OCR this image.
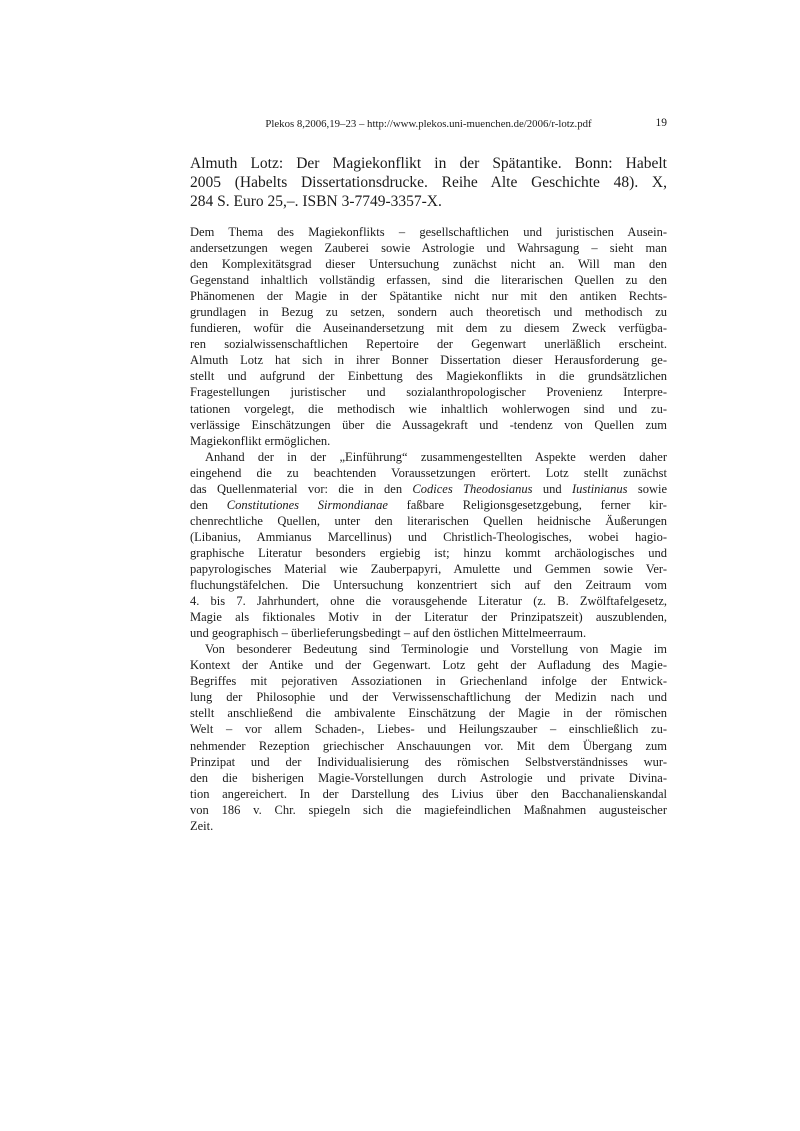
Plekos 8,2006,19–23 – http://www.plekos.uni-muenchen.de/2006/r-lotz.pdf	19
Almuth Lotz: Der Magiekonflikt in der Spätantike. Bonn: Habelt
2005 (Habelts Dissertationsdrucke. Reihe Alte Geschichte 48). X,
284 S. Euro 25,–. ISBN 3-7749-3357-X.
Dem Thema des Magiekonflikts – gesellschaftlichen und juristischen Ausein-
andersetzungen wegen Zauberei sowie Astrologie und Wahrsagung – sieht man
den Komplexitätsgrad dieser Untersuchung zunächst nicht an. Will man den
Gegenstand inhaltlich vollständig erfassen, sind die literarischen Quellen zu den
Phänomenen der Magie in der Spätantike nicht nur mit den antiken Rechts-
grundlagen in Bezug zu setzen, sondern auch theoretisch und methodisch zu
fundieren, wofür die Auseinandersetzung mit dem zu diesem Zweck verfügba-
ren sozialwissenschaftlichen Repertoire der Gegenwart unerläßlich erscheint.
Almuth Lotz hat sich in ihrer Bonner Dissertation dieser Herausforderung ge-
stellt und aufgrund der Einbettung des Magiekonflikts in die grundsätzlichen
Fragestellungen juristischer und sozialanthropologischer Provenienz Interpre-
tationen vorgelegt, die methodisch wie inhaltlich wohlerwogen sind und zu-
verlässige Einschätzungen über die Aussagekraft und -tendenz von Quellen zum
Magiekonflikt ermöglichen.
Anhand der in der „Einführung“ zusammengestellten Aspekte werden daher
eingehend die zu beachtenden Voraussetzungen erörtert. Lotz stellt zunächst
das Quellenmaterial vor: die in den Codices Theodosianus und Iustinianus sowie
den Constitutiones Sirmondianae faßbare Religionsgesetzgebung, ferner kir-
chenrechtliche Quellen, unter den literarischen Quellen heidnische Äußerungen
(Libanius, Ammianus Marcellinus) und Christlich-Theologisches, wobei hagio-
graphische Literatur besonders ergiebig ist; hinzu kommt archäologisches und
papyrologisches Material wie Zauberpapyri, Amulette und Gemmen sowie Ver-
fluchungstäfelchen. Die Untersuchung konzentriert sich auf den Zeitraum vom
4. bis 7. Jahrhundert, ohne die vorausgehende Literatur (z. B. Zwölftafelgesetz,
Magie als fiktionales Motiv in der Literatur der Prinzipatszeit) auszublenden,
und geographisch – überlieferungsbedingt – auf den östlichen Mittelmeerraum.
Von besonderer Bedeutung sind Terminologie und Vorstellung von Magie im
Kontext der Antike und der Gegenwart. Lotz geht der Aufladung des Magie-
Begriffes mit pejorativen Assoziationen in Griechenland infolge der Entwick-
lung der Philosophie und der Verwissenschaftlichung der Medizin nach und
stellt anschließend die ambivalente Einschätzung der Magie in der römischen
Welt – vor allem Schaden-, Liebes- und Heilungszauber – einschließlich zu-
nehmender Rezeption griechischer Anschauungen vor. Mit dem Übergang zum
Prinzipat und der Individualisierung des römischen Selbstverständnisses wur-
den die bisherigen Magie-Vorstellungen durch Astrologie und private Divina-
tion angereichert. In der Darstellung des Livius über den Bacchanalienskandal
von 186 v. Chr. spiegeln sich die magiefeindlichen Maßnahmen augusteischer
Zeit.
